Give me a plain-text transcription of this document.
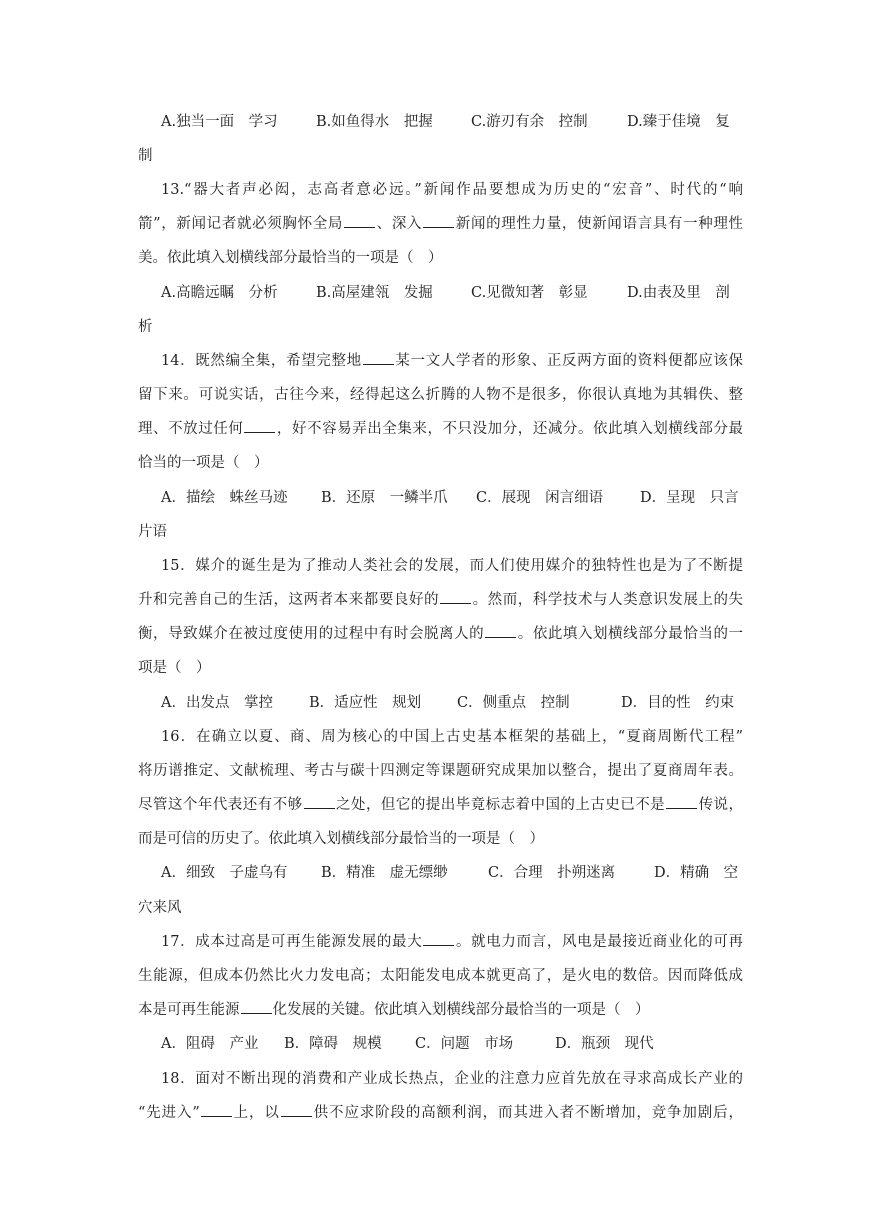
A.独当一面　学习	B.如鱼得水　把握	C.游刃有余　控制	D.臻于佳境　复
制
13.“器大者声必闳，志高者意必远。”新闻作品要想成为历史的“宏音”、时代的“响
箭”，新闻记者就必须胸怀全局 、深入 新闻的理性力量，使新闻语言具有一种理性
美。依此填入划横线部分最恰当的一项是（　）
A.高瞻远瞩　分析	B.高屋建瓴　发掘	C.见微知著　彰显	D.由表及里　剖
析
14．既然编全集，希望完整地 某一文人学者的形象、正反两方面的资料便都应该保
留下来。可说实话，古往今来，经得起这么折腾的人物不是很多，你很认真地为其辑佚、整
理、不放过任何 ，好不容易弄出全集来，不只没加分，还减分。依此填入划横线部分最
恰当的一项是（　）
A．描绘　蛛丝马迹	B．还原　一鳞半爪	C．展现　闲言细语	D．呈现　只言
片语
15．媒介的诞生是为了推动人类社会的发展，而人们使用媒介的独特性也是为了不断提
升和完善自己的生活，这两者本来都要良好的 。然而，科学技术与人类意识发展上的失
衡，导致媒介在被过度使用的过程中有时会脱离人的 。依此填入划横线部分最恰当的一
项是（　）
A．出发点　掌控	B．适应性　规划	C．侧重点　控制	D．目的性　约束
16．在确立以夏、商、周为核心的中国上古史基本框架的基础上，“夏商周断代工程”
将历谱推定、文献梳理、考古与碳十四测定等课题研究成果加以整合，提出了夏商周年表。
尽管这个年代表还有不够 之处，但它的提出毕竟标志着中国的上古史已不是 传说，
而是可信的历史了。依此填入划横线部分最恰当的一项是（　）
A．细致　子虚乌有	B．精准　虚无缥缈	C．合理　扑朔迷离	D．精确　空
穴来风
17．成本过高是可再生能源发展的最大 。就电力而言，风电是最接近商业化的可再
生能源，但成本仍然比火力发电高；太阳能发电成本就更高了，是火电的数倍。因而降低成
本是可再生能源 化发展的关键。依此填入划横线部分最恰当的一项是（　）
A．阻碍　产业	B．障碍　规模	C．问题　市场	D．瓶颈　现代
18．面对不断出现的消费和产业成长热点，企业的注意力应首先放在寻求高成长产业的
“先进入” 上，以 供不应求阶段的高额利润，而其进入者不断增加，竞争加剧后，
